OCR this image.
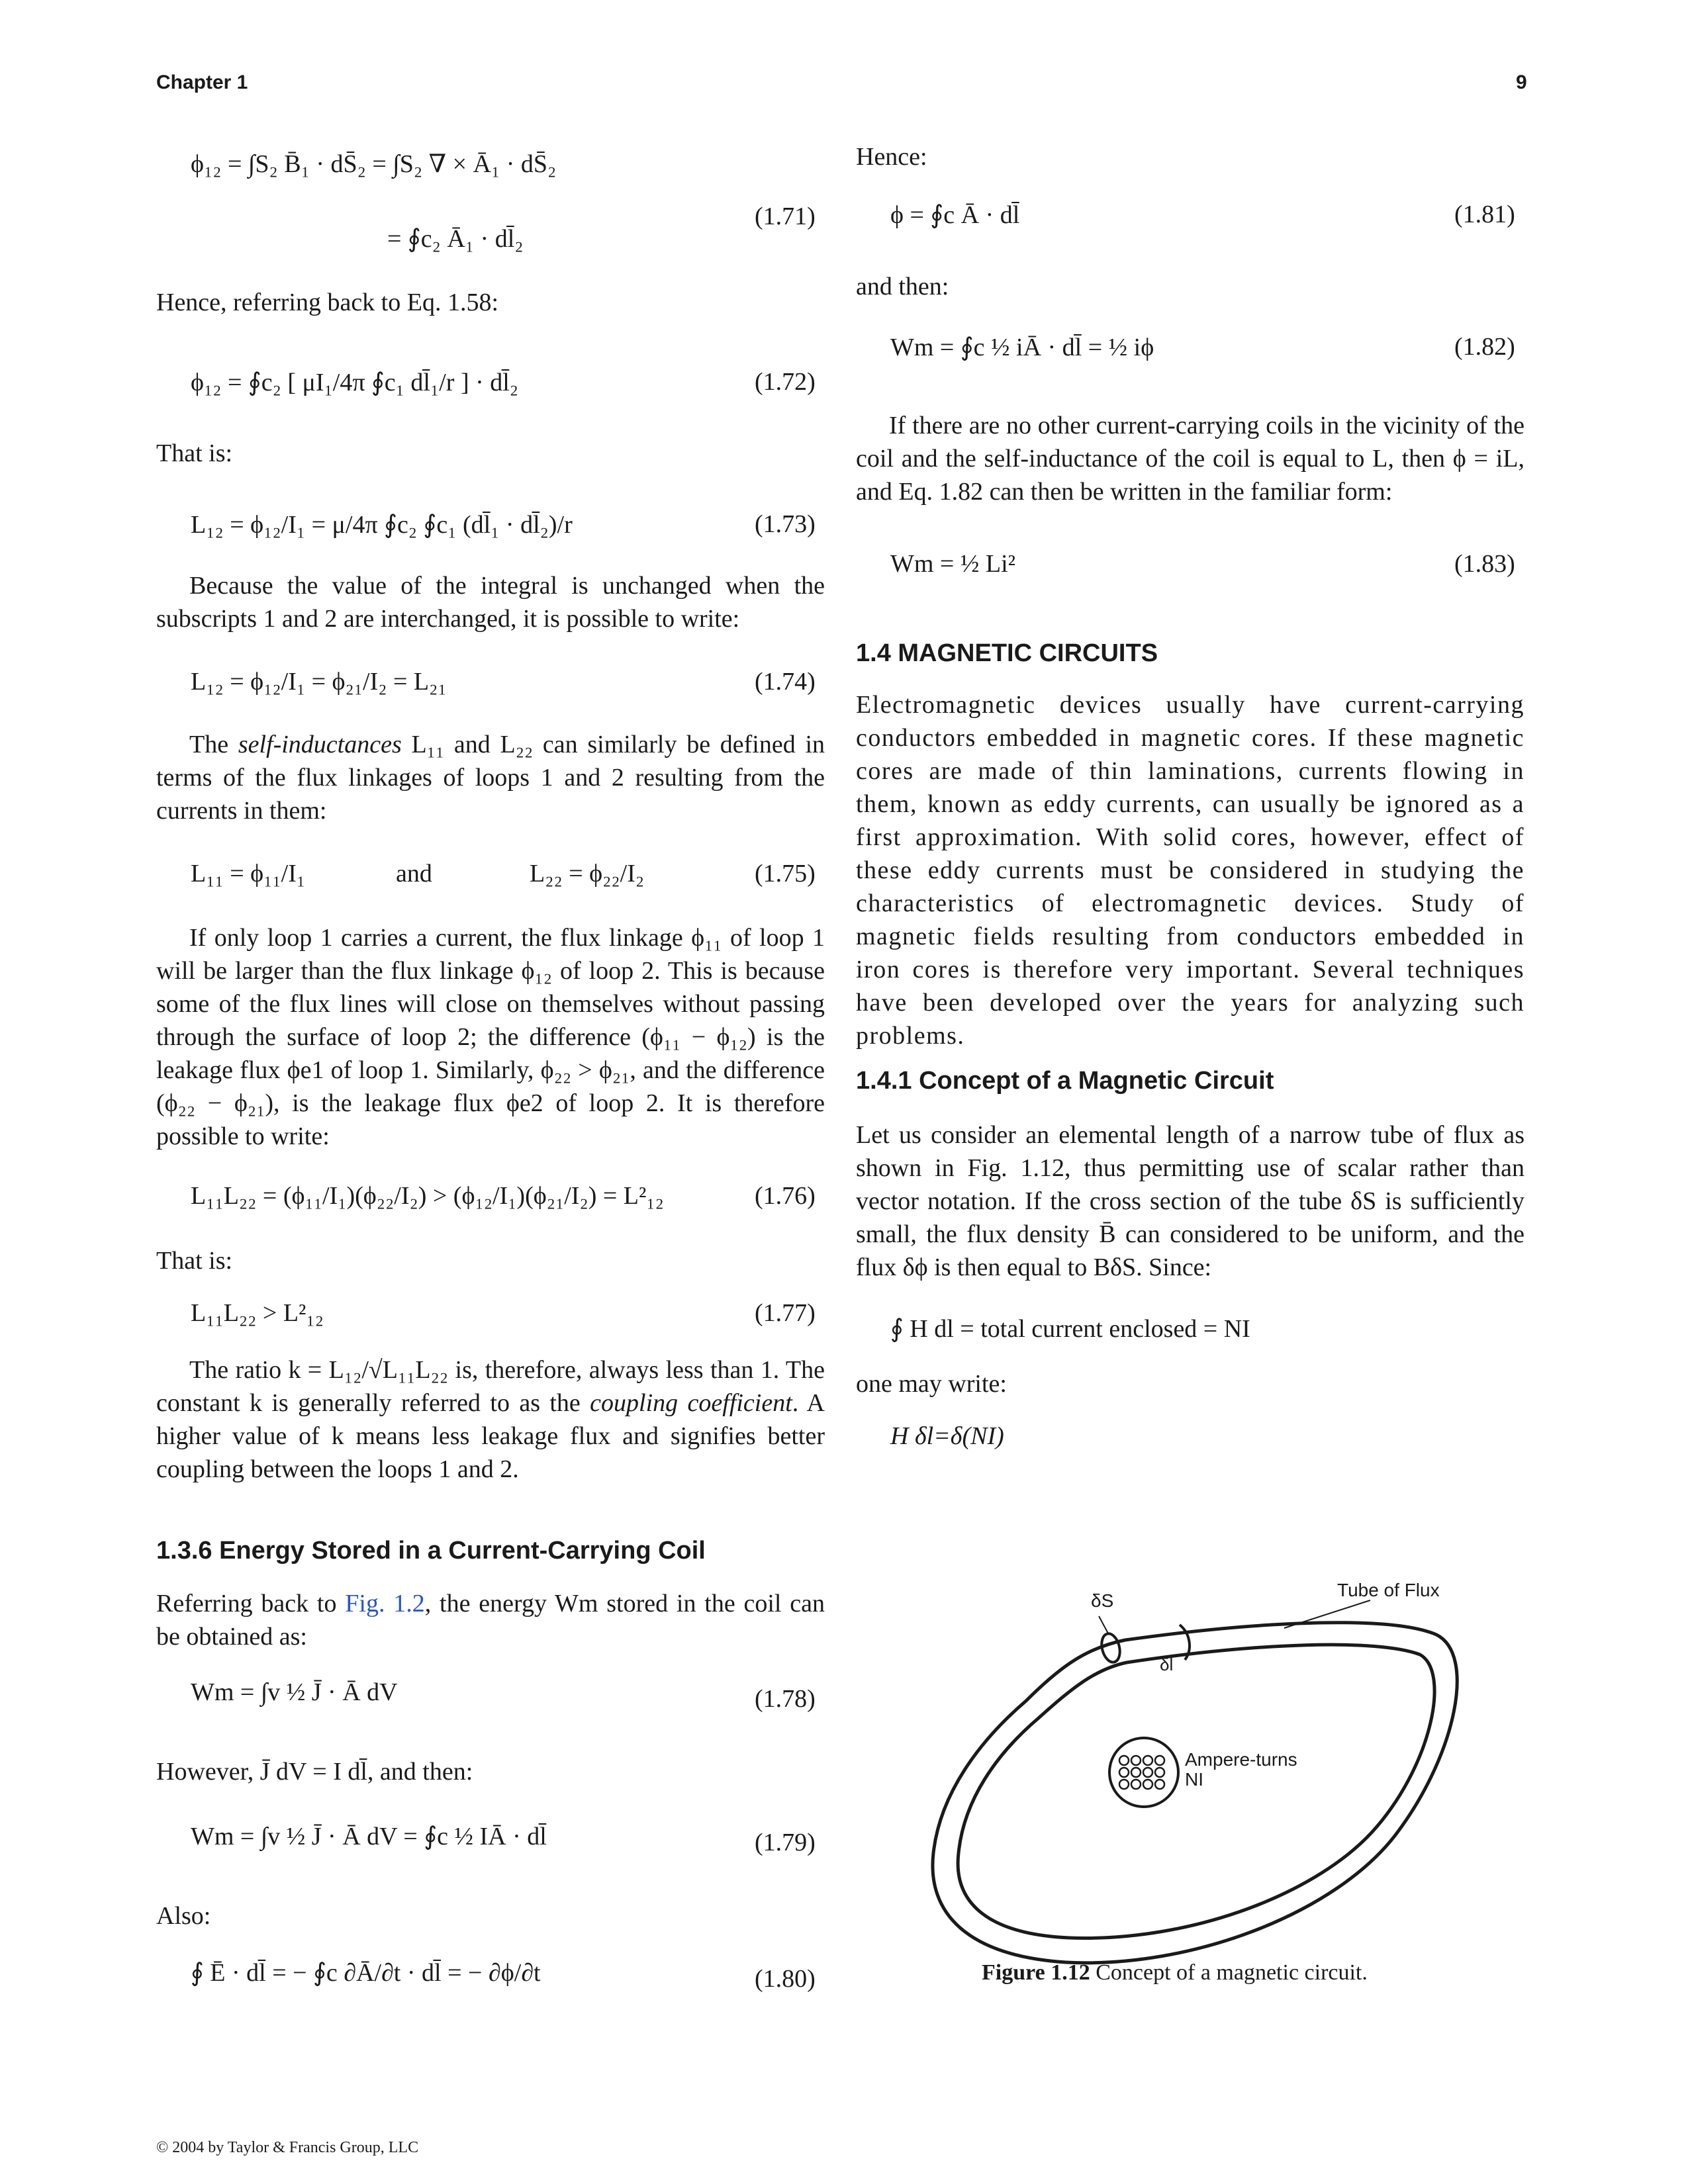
Chapter 1	9
ϕ₁₂ = ∫S₂ B̄₁ · dS̄₂ = ∫S₂ ∇ × Ā₁ · dS̄₂
= ∮c₂ Ā₁ · dl̄₂
(1.71)

Hence, referring back to Eq. 1.58:

ϕ₁₂ = ∮c₂ [ μI₁/4π ∮c₁ dl̄₁/r ] · dl̄₂	(1.72)

That is:

L₁₂ = ϕ₁₂/I₁ = μ/4π ∮c₂ ∮c₁ (dl̄₁ · dl̄₂)/r	(1.73)

Because the value of the integral is unchanged when the subscripts 1 and 2 are interchanged, it is possible to write:

L₁₂ = ϕ₁₂/I₁ = ϕ₂₁/I₂ = L₂₁	(1.74)

The self-inductances L₁₁ and L₂₂ can similarly be defined in terms of the flux linkages of loops 1 and 2 resulting from the currents in them:

L₁₁ = ϕ₁₁/I₁	and	L₂₂ = ϕ₂₂/I₂	(1.75)

If only loop 1 carries a current, the flux linkage ϕ₁₁ of loop 1 will be larger than the flux linkage ϕ₁₂ of loop 2. This is because some of the flux lines will close on themselves without passing through the surface of loop 2; the difference (ϕ₁₁ − ϕ₁₂) is the leakage flux ϕe1 of loop 1. Similarly, ϕ₂₂ > ϕ₂₁, and the difference (ϕ₂₂ − ϕ₂₁), is the leakage flux ϕe2 of loop 2. It is therefore possible to write:

L₁₁L₂₂ = (ϕ₁₁/I₁)(ϕ₂₂/I₂) > (ϕ₁₂/I₁)(ϕ₂₁/I₂) = L²₁₂	(1.76)

That is:

L₁₁L₂₂ > L²₁₂	(1.77)

The ratio k = L₁₂/√L₁₁L₂₂ is, therefore, always less than 1. The constant k is generally referred to as the coupling coefficient. A higher value of k means less leakage flux and signifies better coupling between the loops 1 and 2.

1.3.6 Energy Stored in a Current-Carrying Coil

Referring back to Fig. 1.2, the energy Wm stored in the coil can be obtained as:

Wm = ∫v ½ J̄ · Ā dV	(1.78)

However, J̄ dV = I dl̄, and then:

Wm = ∫v ½ J̄ · Ā dV = ∮c ½ IĀ · dl̄	(1.79)

Also:

∮ Ē · dl̄ = − ∮c ∂Ā/∂t · dl̄ = − ∂ϕ/∂t	(1.80)

Hence:

ϕ = ∮c Ā · dl̄	(1.81)

and then:

Wm = ∮c ½ iĀ · dl̄ = ½ iϕ	(1.82)

If there are no other current-carrying coils in the vicinity of the coil and the self-inductance of the coil is equal to L, then ϕ = iL, and Eq. 1.82 can then be written in the familiar form:

Wm = ½ Li²	(1.83)
1.4 MAGNETIC CIRCUITS

Electromagnetic devices usually have current-carrying conductors embedded in magnetic cores. If these magnetic cores are made of thin laminations, currents flowing in them, known as eddy currents, can usually be ignored as a first approximation. With solid cores, however, effect of these eddy currents must be considered in studying the characteristics of electromagnetic devices. Study of magnetic fields resulting from conductors embedded in iron cores is therefore very important. Several techniques have been developed over the years for analyzing such problems.

1.4.1 Concept of a Magnetic Circuit

Let us consider an elemental length of a narrow tube of flux as shown in Fig. 1.12, thus permitting use of scalar rather than vector notation. If the cross section of the tube δS is sufficiently small, the flux density B̄ can considered to be uniform, and the flux δϕ is then equal to BδS. Since:

∮ H dl = total current enclosed = NI

one may write:

H δl=δ(NI)
δS
Tube of Flux
δl
Ampere-turns
NI
Figure 1.12 Concept of a magnetic circuit.
© 2004 by Taylor & Francis Group, LLC
